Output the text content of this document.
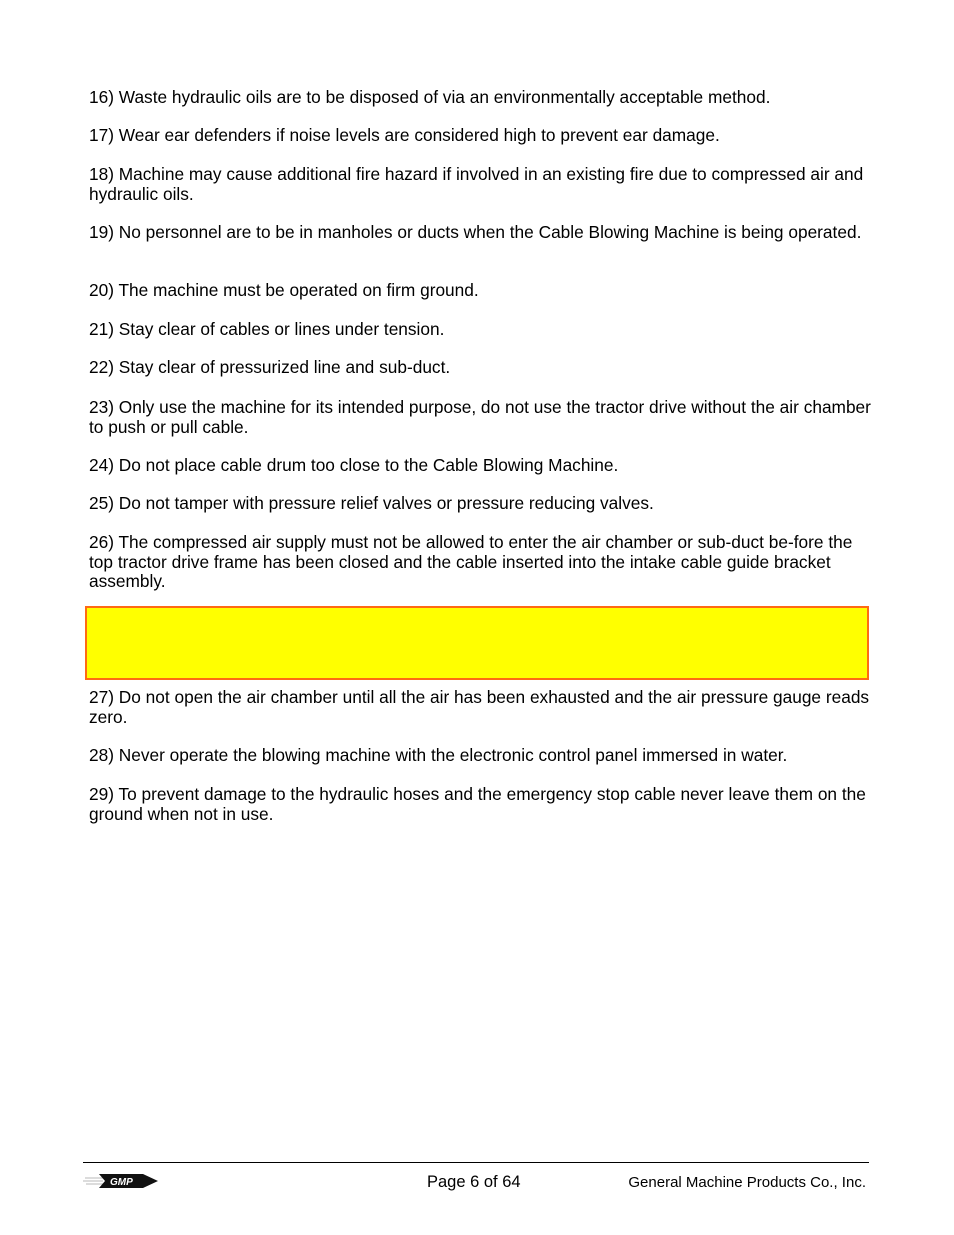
16) Waste hydraulic oils are to be disposed of via an environmentally acceptable method.

17) Wear ear defenders if noise levels are considered high to prevent ear damage.

18) Machine may cause additional fire hazard if involved in an existing fire due to compressed air and hydraulic oils.

19) No personnel are to be in manholes or ducts when the Cable Blowing Machine is being operated.

20) The machine must be operated on firm ground.

21) Stay clear of cables or lines under tension.

22) Stay clear of pressurized line and sub-duct.

23) Only use the machine for its intended purpose, do not use the tractor drive without the air chamber to push or pull cable.

24) Do not place cable drum too close to the Cable Blowing Machine.

25) Do not tamper with pressure relief valves or pressure reducing valves.

26) The compressed air supply must not be allowed to enter the air chamber or sub-duct be-fore the top tractor drive frame has been closed and the cable inserted into the intake cable guide bracket assembly.

27) Do not open the air chamber until all the air has been exhausted and the air pressure gauge reads zero.

28) Never operate the blowing machine with the electronic control panel immersed in water.

29) To prevent damage to the hydraulic hoses and the emergency stop cable never leave them on the ground when not in use.

GMP	Page 6 of 64	General Machine Products Co., Inc.
